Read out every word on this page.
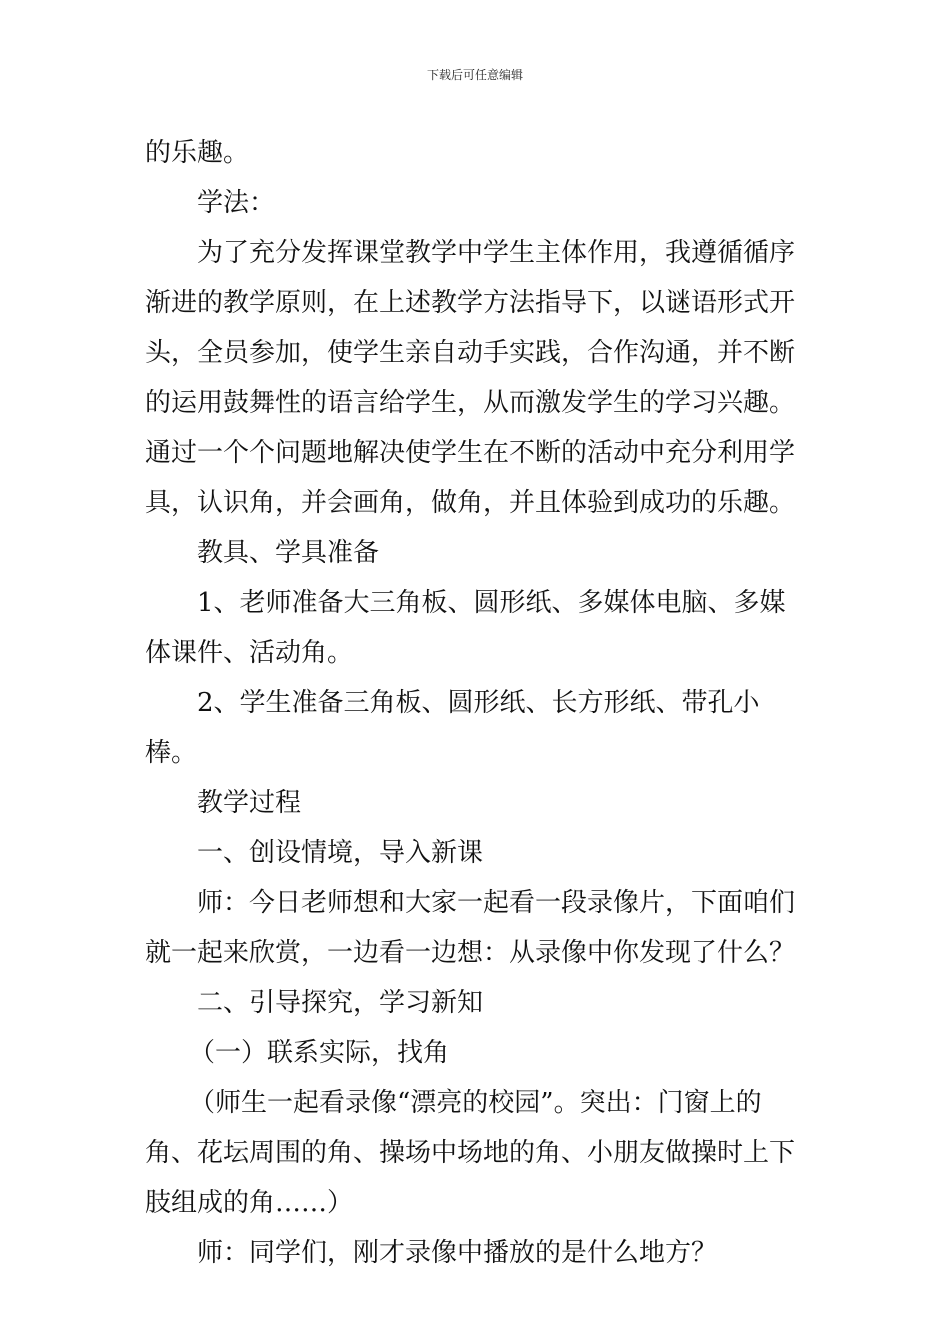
下载后可任意编辑

的乐趣。

学法：

为了充分发挥课堂教学中学生主体作用，我遵循循序渐进的教学原则，在上述教学方法指导下，以谜语形式开头，全员参加，使学生亲自动手实践，合作沟通，并不断的运用鼓舞性的语言给学生，从而激发学生的学习兴趣。通过一个个问题地解决使学生在不断的活动中充分利用学具，认识角，并会画角，做角，并且体验到成功的乐趣。

教具、学具准备

1、老师准备大三角板、圆形纸、多媒体电脑、多媒体课件、活动角。

2、学生准备三角板、圆形纸、长方形纸、带孔小棒。

教学过程

一、创设情境，导入新课

师：今日老师想和大家一起看一段录像片，下面咱们就一起来欣赏，一边看一边想：从录像中你发现了什么？

二、引导探究，学习新知

（一）联系实际，找角

（师生一起看录像“漂亮的校园”。突出：门窗上的角、花坛周围的角、操场中场地的角、小朋友做操时上下肢组成的角……）

师：同学们，刚才录像中播放的是什么地方？
